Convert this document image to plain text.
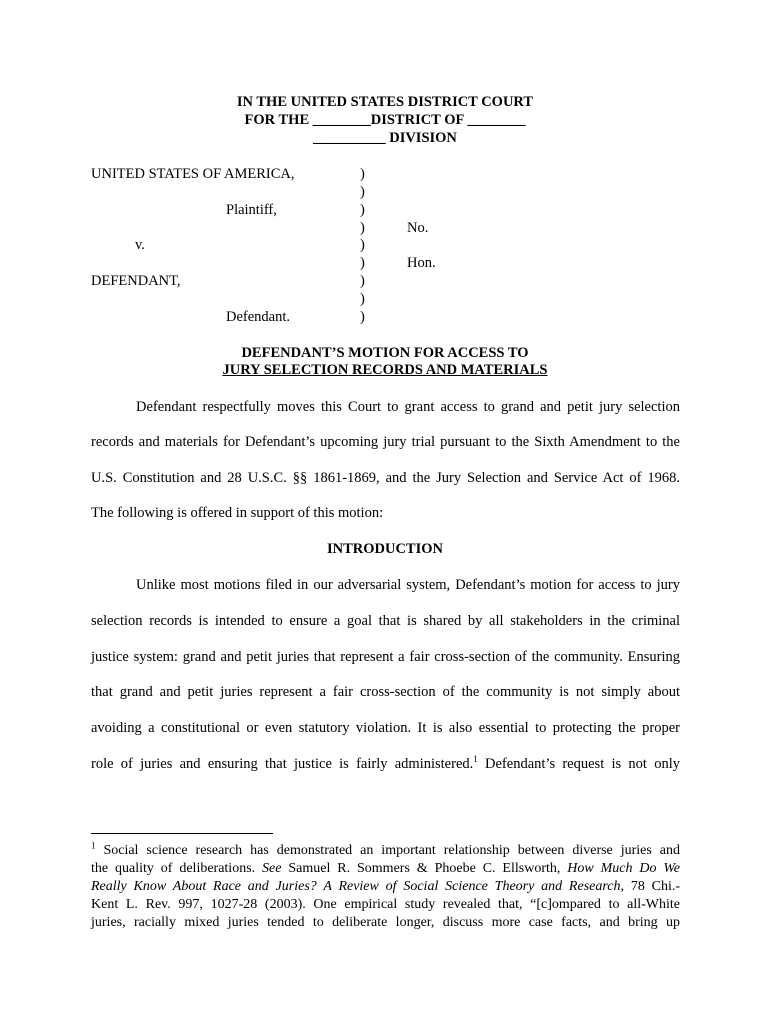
IN THE UNITED STATES DISTRICT COURT
FOR THE ________DISTRICT OF ________
__________ DIVISION
UNITED STATES OF AMERICA,
Plaintiff,
v.
DEFENDANT,
Defendant.
)
)
)
)
)
)
)
)
)
No.
Hon.
DEFENDANT’S MOTION FOR ACCESS TO
JURY SELECTION RECORDS AND MATERIALS
Defendant respectfully moves this Court to grant access to grand and petit jury selection
records and materials for Defendant’s upcoming jury trial pursuant to the Sixth Amendment to the
U.S. Constitution and 28 U.S.C. §§ 1861-1869, and the Jury Selection and Service Act of 1968.
The following is offered in support of this motion:
INTRODUCTION
Unlike most motions filed in our adversarial system, Defendant’s motion for access to jury
selection records is intended to ensure a goal that is shared by all stakeholders in the criminal
justice system: grand and petit juries that represent a fair cross-section of the community. Ensuring
that grand and petit juries represent a fair cross-section of the community is not simply about
avoiding a constitutional or even statutory violation. It is also essential to protecting the proper
role of juries and ensuring that justice is fairly administered.$^1$ Defendant’s request is not only
$^1$ Social science research has demonstrated an important relationship between diverse juries and
the quality of deliberations. See Samuel R. Sommers & Phoebe C. Ellsworth, How Much Do We
Really Know About Race and Juries? A Review of Social Science Theory and Research, 78 Chi.-
Kent L. Rev. 997, 1027-28 (2003). One empirical study revealed that, “[c]ompared to all-White
juries, racially mixed juries tended to deliberate longer, discuss more case facts, and bring up
